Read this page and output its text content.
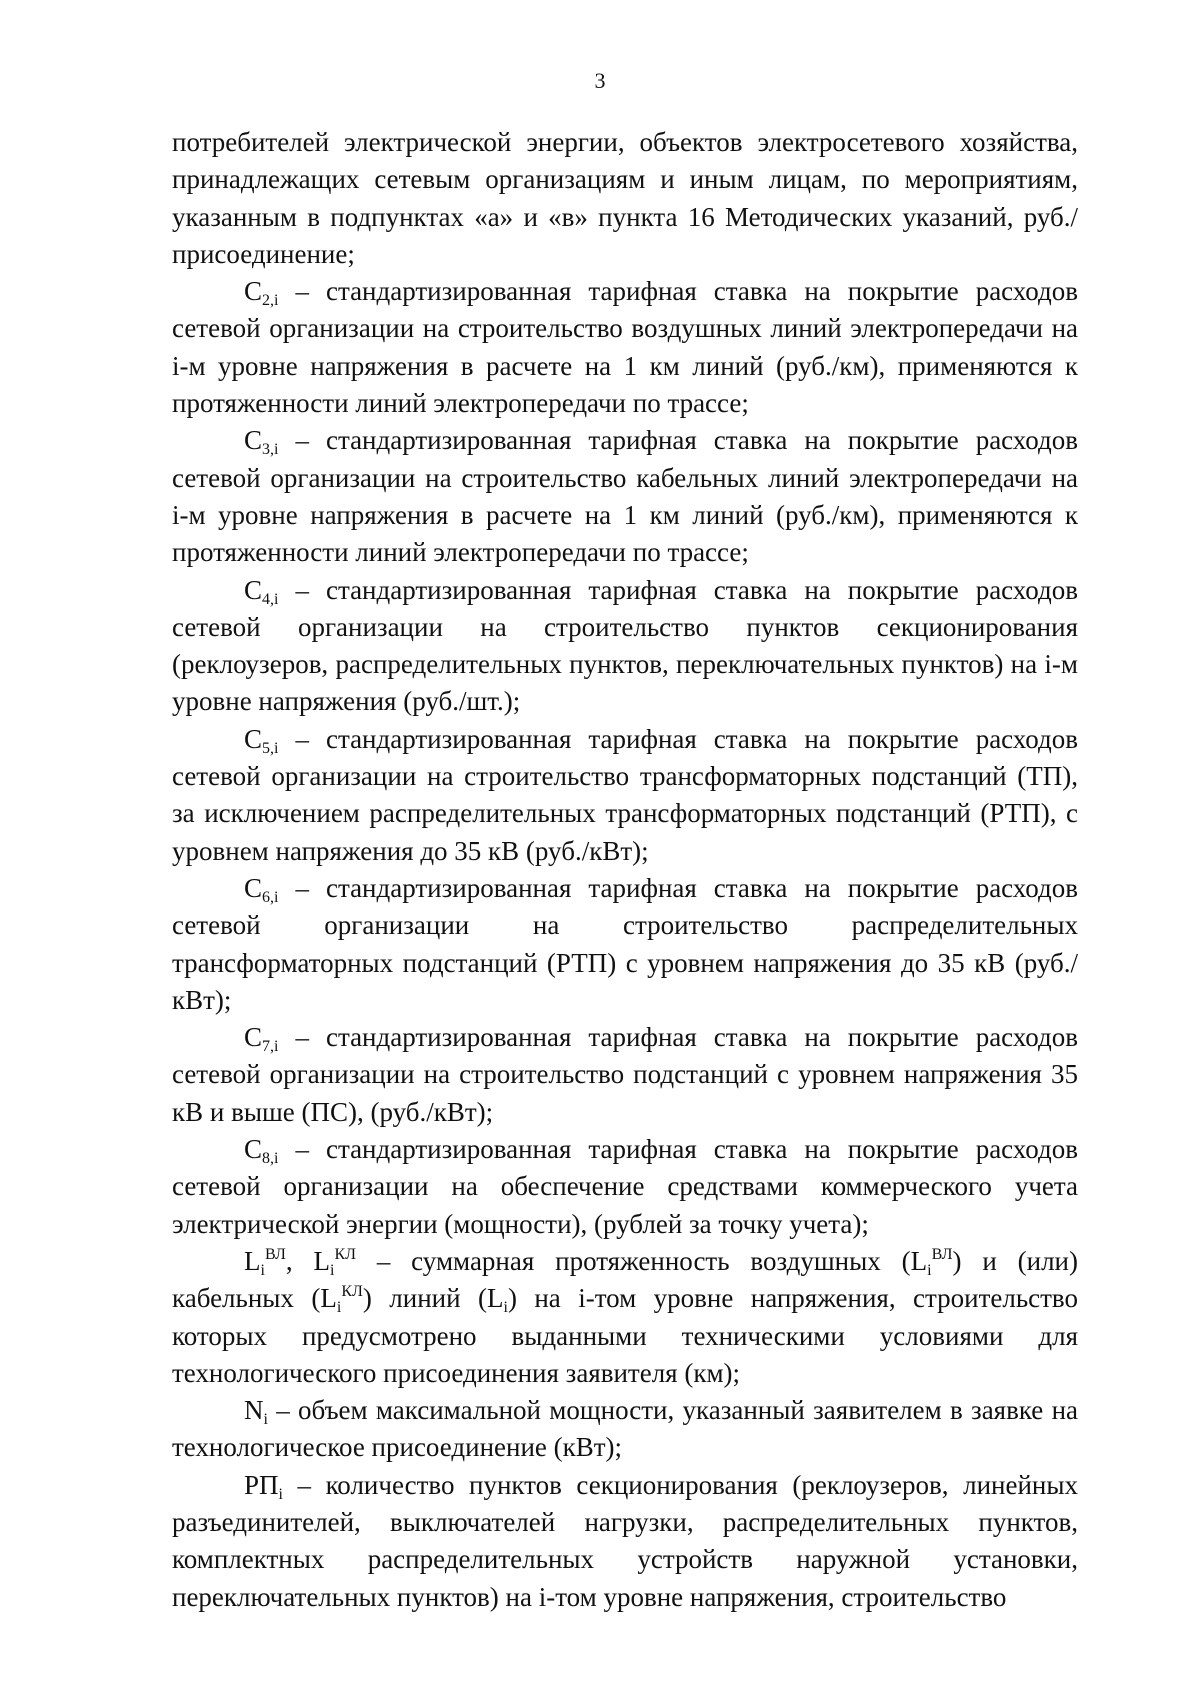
3

потребителей электрической энергии, объектов электросетевого хозяйства, принадлежащих сетевым организациям и иным лицам, по мероприятиям, указанным в подпунктах «а» и «в» пункта 16 Методических указаний, руб./присоединение;

$C_{2,i}$ – стандартизированная тарифная ставка на покрытие расходов сетевой организации на строительство воздушных линий электропередачи на i-м уровне напряжения в расчете на 1 км линий (руб./км), применяются к протяженности линий электропередачи по трассе;

$C_{3,i}$ – стандартизированная тарифная ставка на покрытие расходов сетевой организации на строительство кабельных линий электропередачи на i-м уровне напряжения в расчете на 1 км линий (руб./км), применяются к протяженности линий электропередачи по трассе;

$C_{4,i}$ – стандартизированная тарифная ставка на покрытие расходов сетевой организации на строительство пунктов секционирования (реклоузеров, распределительных пунктов, переключательных пунктов) на i-м уровне напряжения (руб./шт.);

$C_{5,i}$ – стандартизированная тарифная ставка на покрытие расходов сетевой организации на строительство трансформаторных подстанций (ТП), за исключением распределительных трансформаторных подстанций (РТП), с уровнем напряжения до 35 кВ (руб./кВт);

$C_{6,i}$ – стандартизированная тарифная ставка на покрытие расходов сетевой организации на строительство распределительных трансформаторных подстанций (РТП) с уровнем напряжения до 35 кВ (руб./кВт);

$C_{7,i}$ – стандартизированная тарифная ставка на покрытие расходов сетевой организации на строительство подстанций с уровнем напряжения 35 кВ и выше (ПС), (руб./кВт);

$C_{8,i}$ – стандартизированная тарифная ставка на покрытие расходов сетевой организации на обеспечение средствами коммерческого учета электрической энергии (мощности), (рублей за точку учета);

$L_i^{ВЛ}$, $L_i^{КЛ}$ – суммарная протяженность воздушных $(L_i^{ВЛ})$ и (или) кабельных $(L_i^{КЛ})$ линий $(L_i)$ на i-том уровне напряжения, строительство которых предусмотрено выданными техническими условиями для технологического присоединения заявителя (км);

$N_i$ – объем максимальной мощности, указанный заявителем в заявке на технологическое присоединение (кВт);

$РП_i$ – количество пунктов секционирования (реклоузеров, линейных разъединителей, выключателей нагрузки, распределительных пунктов, комплектных распределительных устройств наружной установки, переключательных пунктов) на i-том уровне напряжения, строительство
